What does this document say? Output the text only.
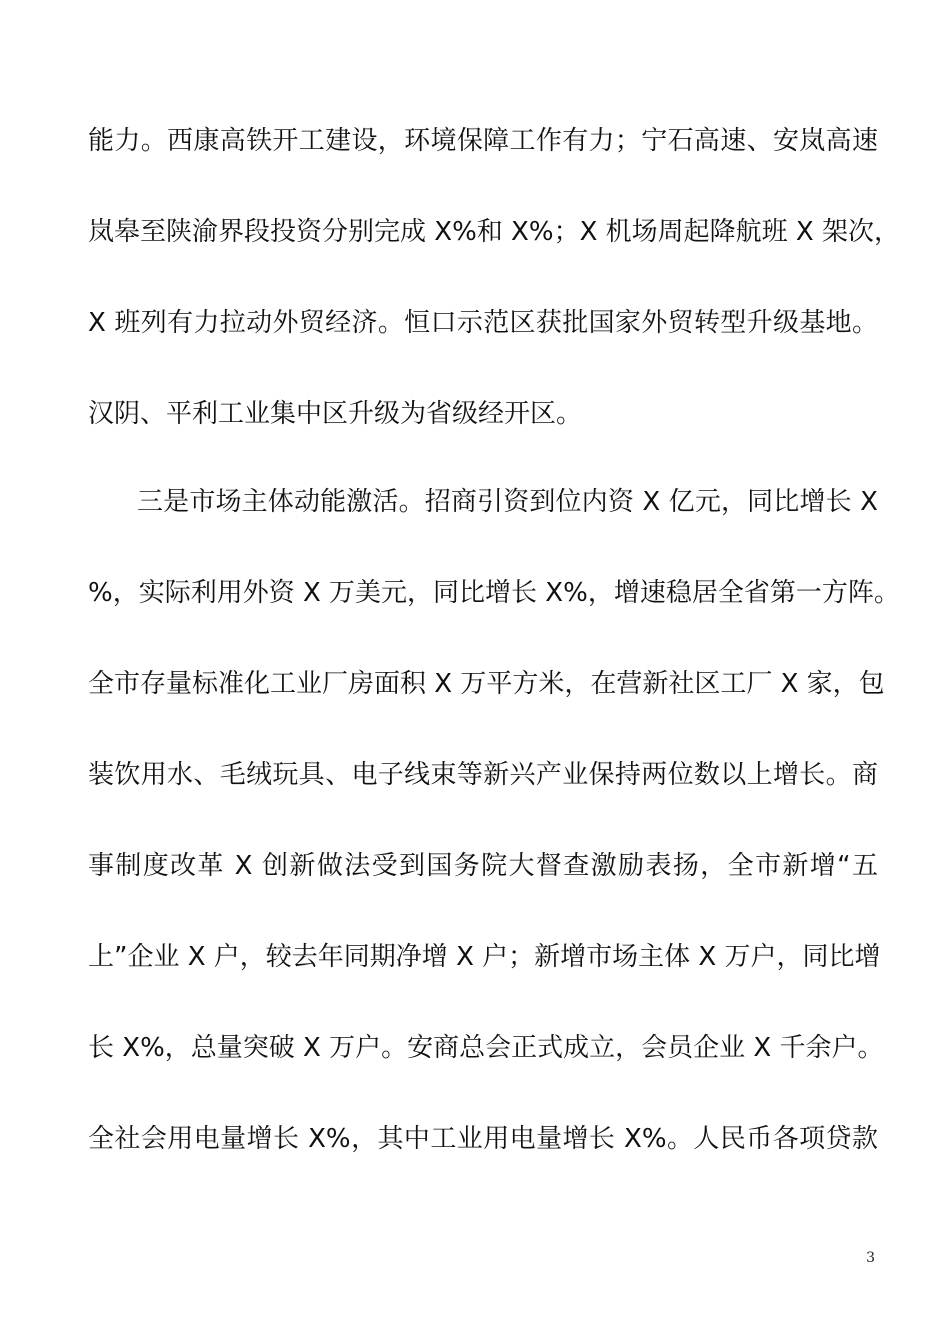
能力。西康高铁开工建设，环境保障工作有力；宁石高速、安岚高速
岚皋至陕渝界段投资分别完成 X%和 X%；X 机场周起降航班 X 架次，
X 班列有力拉动外贸经济。恒口示范区获批国家外贸转型升级基地。
汉阴、平利工业集中区升级为省级经开区。
三是市场主体动能激活。招商引资到位内资 X 亿元，同比增长 X
%，实际利用外资 X 万美元，同比增长 X%，增速稳居全省第一方阵。
全市存量标准化工业厂房面积 X 万平方米，在营新社区工厂 X 家，包
装饮用水、毛绒玩具、电子线束等新兴产业保持两位数以上增长。商
事制度改革 X 创新做法受到国务院大督查激励表扬，全市新增“五
上”企业 X 户，较去年同期净增 X 户；新增市场主体 X 万户，同比增
长 X%，总量突破 X 万户。安商总会正式成立，会员企业 X 千余户。
全社会用电量增长 X%，其中工业用电量增长 X%。人民币各项贷款
3
